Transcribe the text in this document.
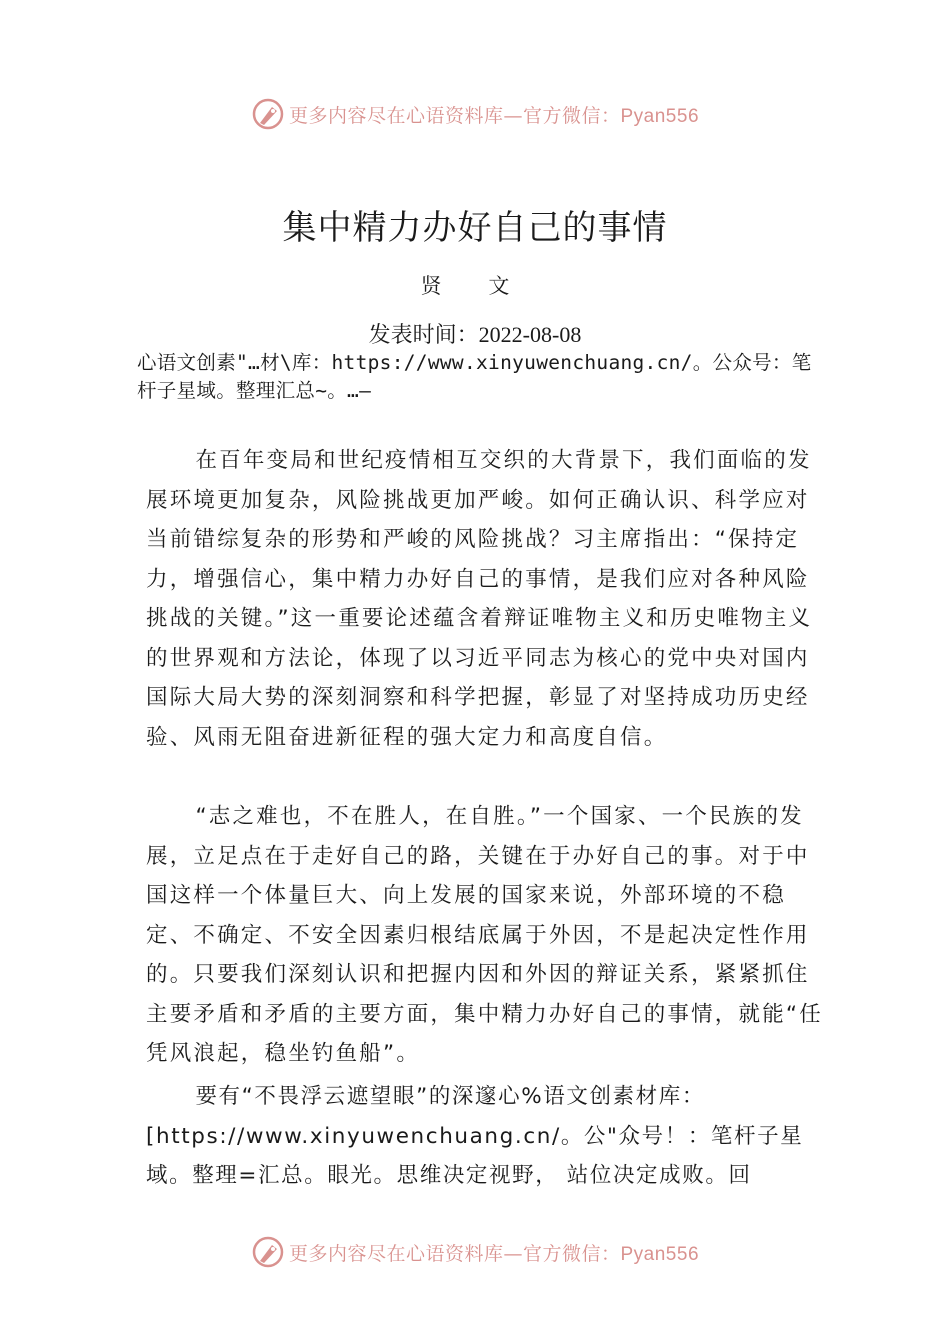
更多内容尽在心语资料库—官方微信：Pyan556
集中精力办好自己的事情
贤 文
发表时间：2022-08-08
心语文创素"…材\库：https://www.xinyuwenchuang.cn/。公众号：笔杆子星域。整理汇总~。…—

在百年变局和世纪疫情相互交织的大背景下，我们面临的发展环境更加复杂，风险挑战更加严峻。如何正确认识、科学应对当前错综复杂的形势和严峻的风险挑战？习主席指出：“保持定力，增强信心，集中精力办好自己的事情，是我们应对各种风险挑战的关键。”这一重要论述蕴含着辩证唯物主义和历史唯物主义的世界观和方法论，体现了以习近平同志为核心的党中央对国内国际大局大势的深刻洞察和科学把握，彰显了对坚持成功历史经验、风雨无阻奋进新征程的强大定力和高度自信。

“志之难也，不在胜人，在自胜。”一个国家、一个民族的发展，立足点在于走好自己的路，关键在于办好自己的事。对于中国这样一个体量巨大、向上发展的国家来说，外部环境的不稳定、不确定、不安全因素归根结底属于外因，不是起决定性作用的。只要我们深刻认识和把握内因和外因的辩证关系，紧紧抓住主要矛盾和矛盾的主要方面，集中精力办好自己的事情，就能“任凭风浪起，稳坐钓鱼船”。

要有“不畏浮云遮望眼”的深邃心%语文创素材库：[https://www.xinyuwenchuang.cn/。公"众号！：笔杆子星域。整理=汇总。眼光。思维决定视野， 站位决定成败。回

更多内容尽在心语资料库—官方微信：Pyan556
